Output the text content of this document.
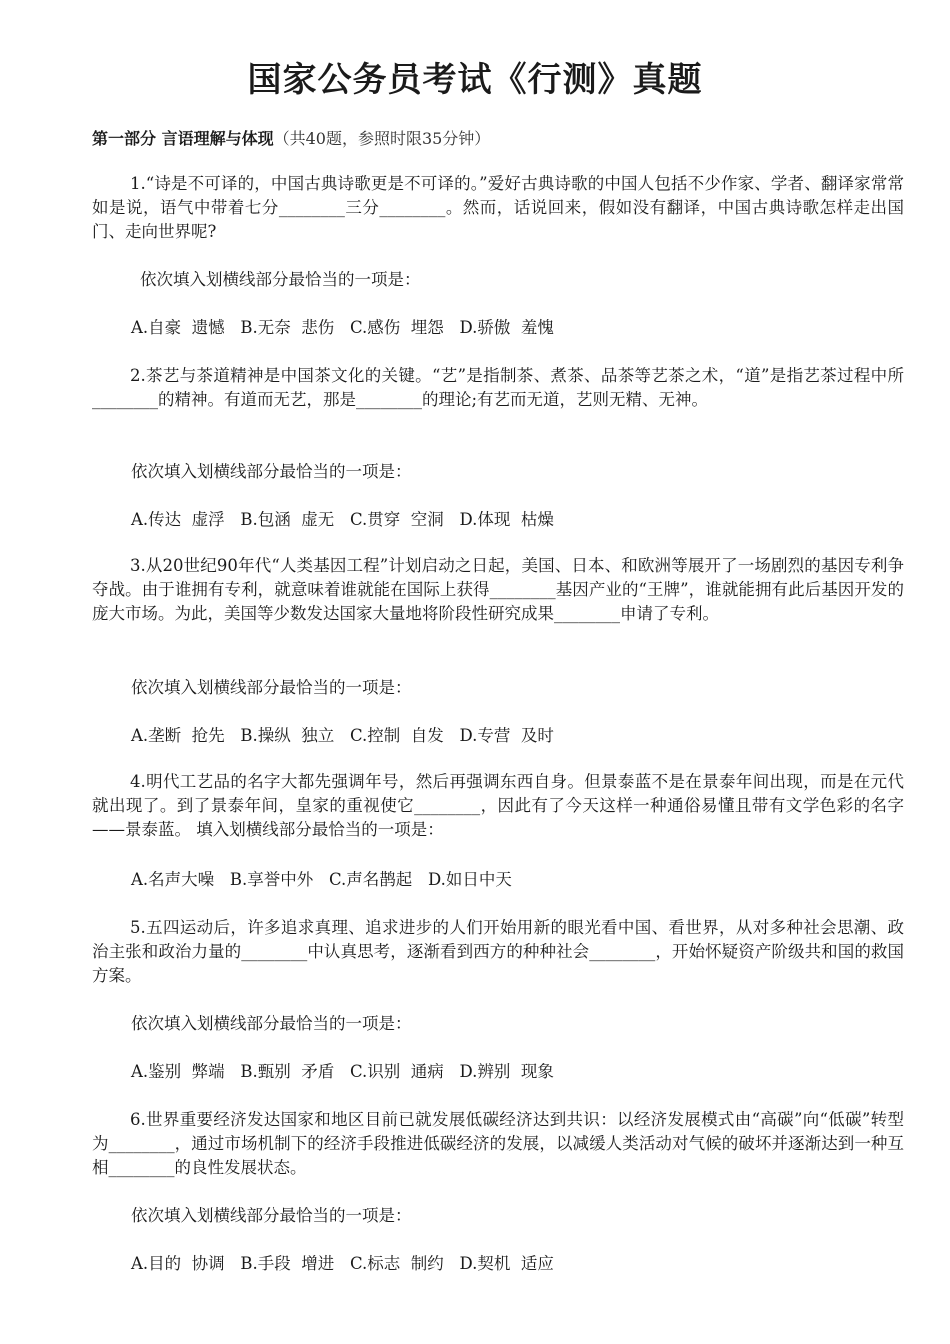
国家公务员考试《行测》真题
第一部分 言语理解与体现（共40题，参照时限35分钟）
1.“诗是不可译的，中国古典诗歌更是不可译的。”爱好古典诗歌的中国人包括不少作家、学者、翻译家常常如是说，语气中带着七分________三分________。然而，话说回来，假如没有翻译，中国古典诗歌怎样走出国门、走向世界呢?
依次填入划横线部分最恰当的一项是：
A.自豪  遗憾   B.无奈  悲伤   C.感伤  埋怨   D.骄傲  羞愧
2.茶艺与茶道精神是中国茶文化的关键。“艺”是指制茶、煮茶、品茶等艺茶之术，“道”是指艺茶过程中所________的精神。有道而无艺，那是________的理论;有艺而无道，艺则无精、无神。
依次填入划横线部分最恰当的一项是：
A.传达  虚浮   B.包涵  虚无   C.贯穿  空洞   D.体现  枯燥
3.从20世纪90年代“人类基因工程”计划启动之日起，美国、日本、和欧洲等展开了一场剧烈的基因专利争夺战。由于谁拥有专利，就意味着谁就能在国际上获得________基因产业的“王牌”，谁就能拥有此后基因开发的庞大市场。为此，美国等少数发达国家大量地将阶段性研究成果________申请了专利。
依次填入划横线部分最恰当的一项是：
A.垄断  抢先   B.操纵  独立   C.控制  自发   D.专营  及时
4.明代工艺品的名字大都先强调年号，然后再强调东西自身。但景泰蓝不是在景泰年间出现，而是在元代就出现了。到了景泰年间，皇家的重视使它________，因此有了今天这样一种通俗易懂且带有文学色彩的名字——景泰蓝。 填入划横线部分最恰当的一项是：
A.名声大噪   B.享誉中外   C.声名鹊起   D.如日中天
5.五四运动后，许多追求真理、追求进步的人们开始用新的眼光看中国、看世界，从对多种社会思潮、政治主张和政治力量的________中认真思考，逐渐看到西方的种种社会________，开始怀疑资产阶级共和国的救国方案。
依次填入划横线部分最恰当的一项是：
A.鉴别  弊端   B.甄别  矛盾   C.识别  通病   D.辨别  现象
6.世界重要经济发达国家和地区目前已就发展低碳经济达到共识：以经济发展模式由“高碳”向“低碳”转型为________，通过市场机制下的经济手段推进低碳经济的发展，以减缓人类活动对气候的破坏并逐渐达到一种互相________的良性发展状态。
依次填入划横线部分最恰当的一项是：
A.目的  协调   B.手段  增进   C.标志  制约   D.契机  适应
